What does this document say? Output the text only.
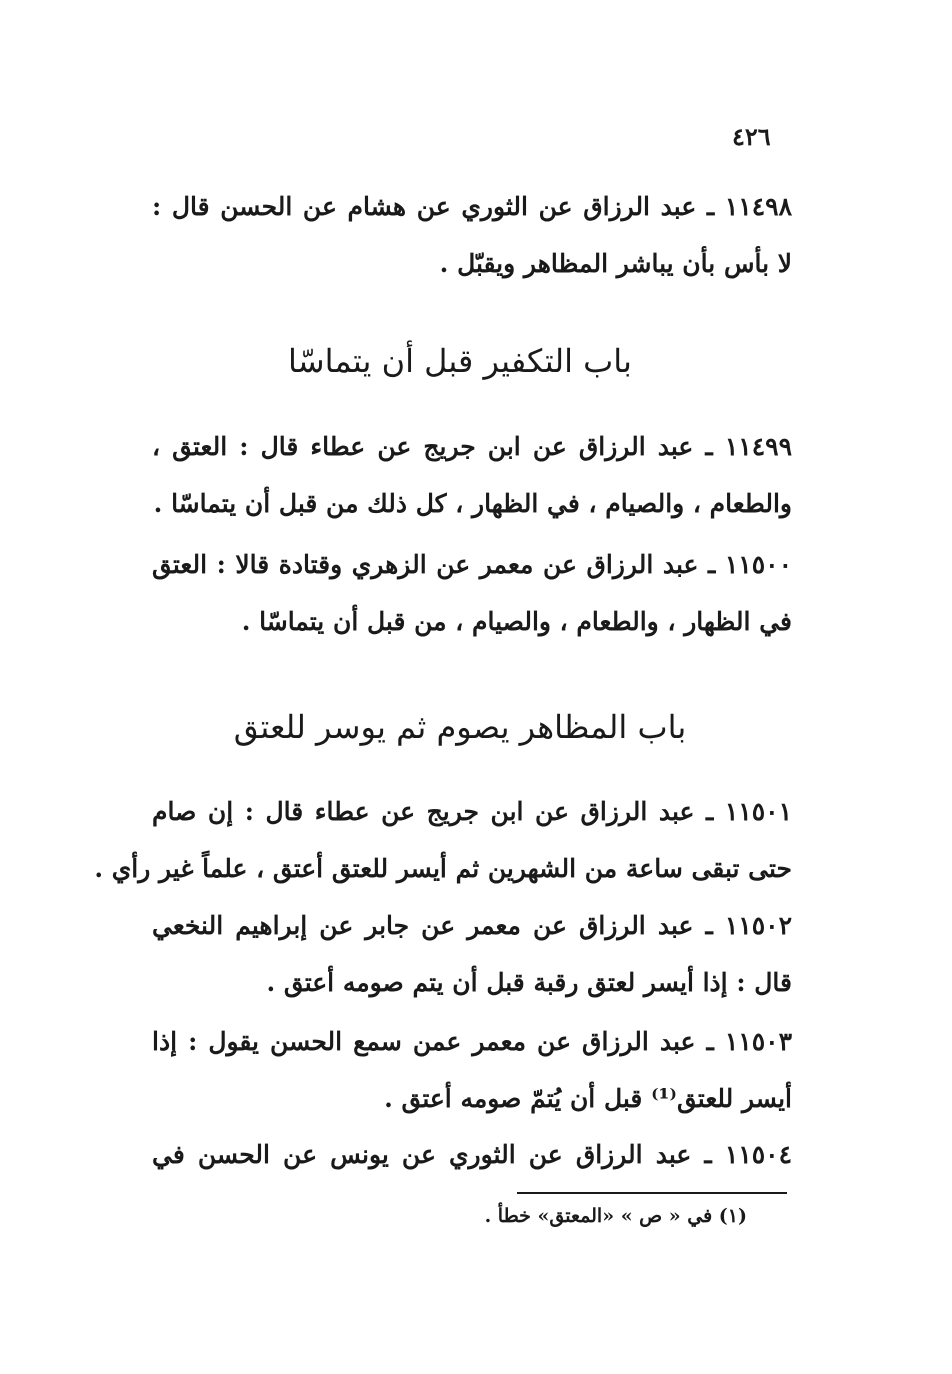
٤٢٦
١١٤٩٨ ـ عبد الرزاق عن الثوري عن هشام عن الحسن قال :
لا بأس بأن يباشر المظاهر ويقبّل .
باب التكفير قبل أن يتماسّا
١١٤٩٩ ـ عبد الرزاق عن ابن جريج عن عطاء قال : العتق ،
والطعام ، والصيام ، في الظهار ، كل ذلك من قبل أن يتماسّا .
١١٥٠٠ ـ عبد الرزاق عن معمر عن الزهري وقتادة قالا : العتق
في الظهار ، والطعام ، والصيام ، من قبل أن يتماسّا .
باب المظاهر يصوم ثم يوسر للعتق
١١٥٠١ ـ عبد الرزاق عن ابن جريج عن عطاء قال : إن صام
حتى تبقى ساعة من الشهرين ثم أيسر للعتق أعتق ، علماً غير رأي .
١١٥٠٢ ـ عبد الرزاق عن معمر عن جابر عن إبراهيم النخعي
قال : إذا أيسر لعتق رقبة قبل أن يتم صومه أعتق .
١١٥٠٣ ـ عبد الرزاق عن معمر عمن سمع الحسن يقول : إذا
أيسر للعتق⁽¹⁾ قبل أن يُتمّ صومه أعتق .
١١٥٠٤ ـ عبد الرزاق عن الثوري عن يونس عن الحسن في
(١) في « ص » «المعتق» خطأ .
